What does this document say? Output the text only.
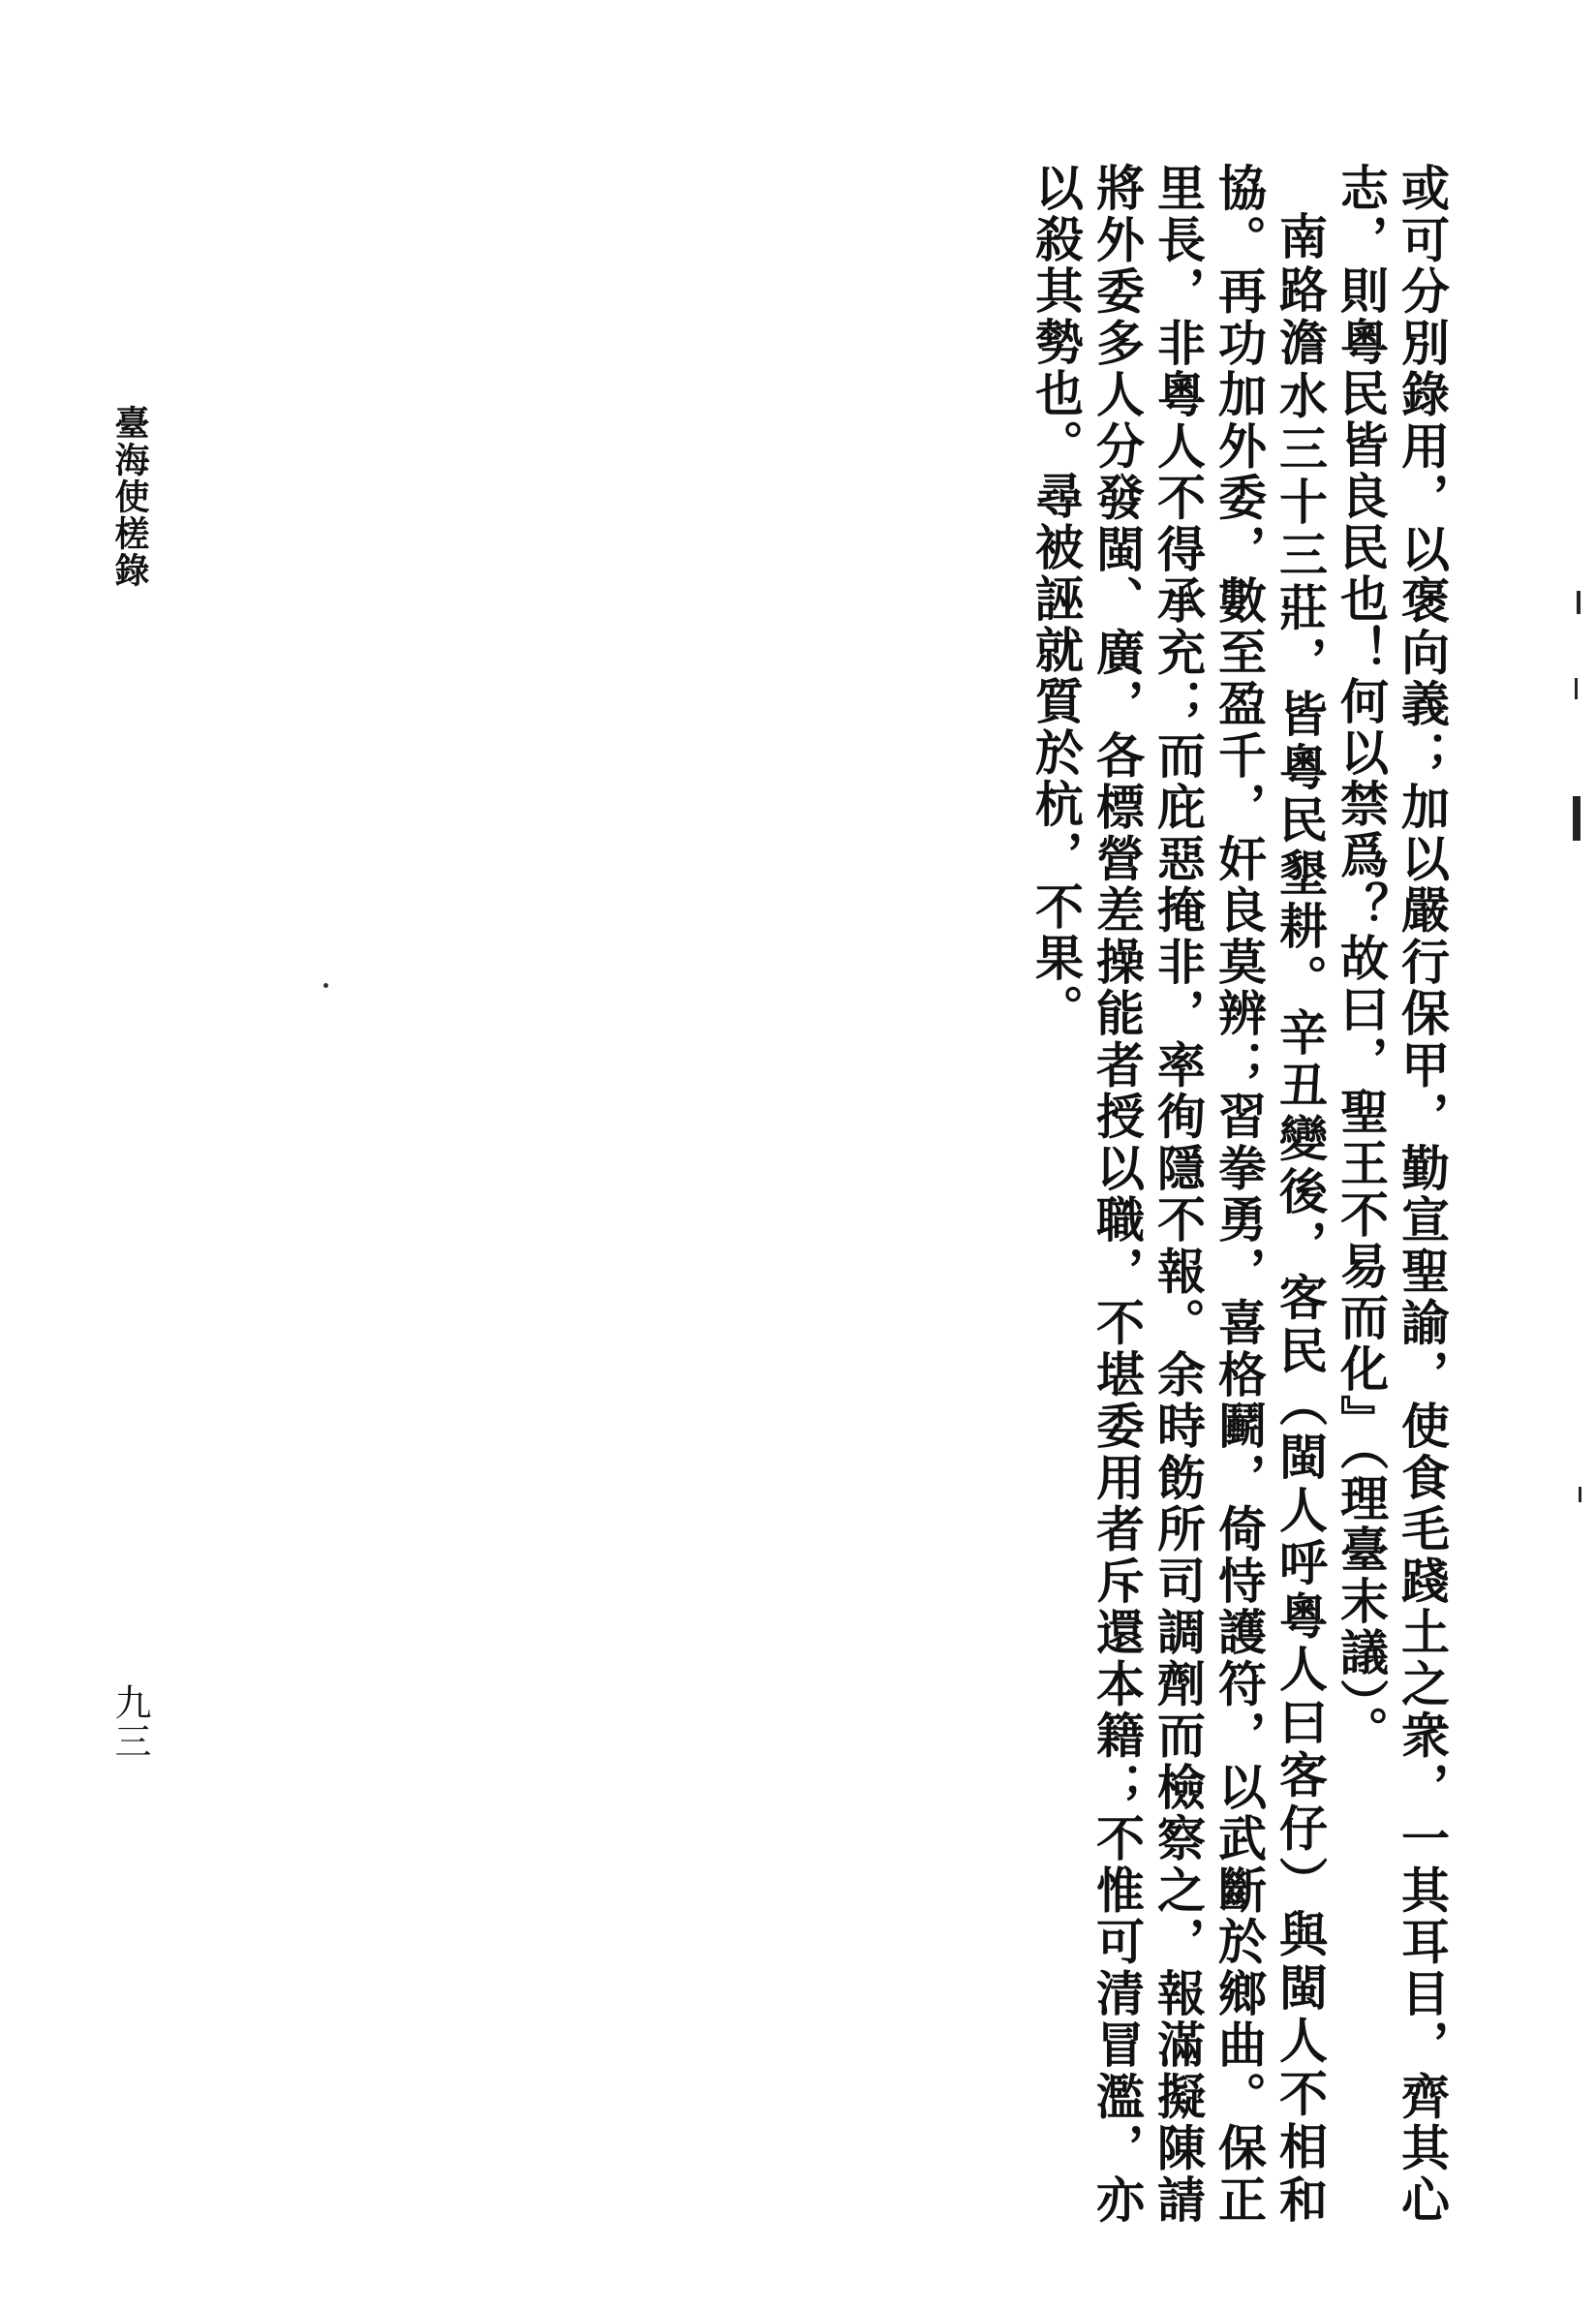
臺海使槎錄
九三	或可分別錄用，以褒向義；加以嚴行保甲，勤宣聖諭，使食毛踐土之衆，一其耳目，齊其心志，則粵民皆良民也！何以禁爲？故曰，聖王不易而化』（理臺末議）。

南路澹水三十三莊，皆粵民墾耕。辛丑變後，客民（閩人呼粵人曰客仔）與閩人不相和協。再功加外委，數至盈千，奸良莫辨；習拳勇，喜格鬬，倚恃護符，以武斷於鄉曲。保正里長，非粵人不得承充；而庇惡掩非，率徇隱不報。余時飭所司調劑而檢察之，報滿擬陳請將外委多人分發閩、廣，各標營差操能者授以職，不堪委用者斥還本籍；不惟可清冒濫，亦以殺其勢也。尋被誣就質於杭，不果。
